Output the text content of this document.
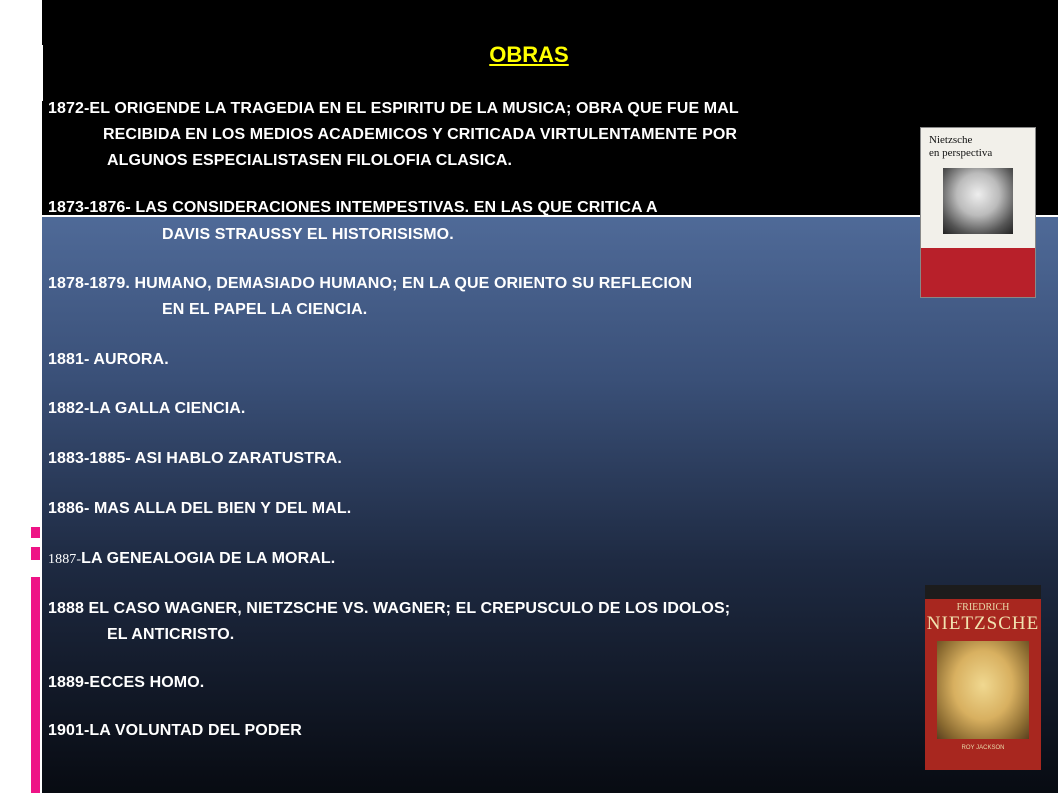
OBRAS
1872-EL ORIGENDE LA TRAGEDIA EN EL ESPIRITU DE LA MUSICA; OBRA QUE FUE MAL
RECIBIDA EN LOS MEDIOS ACADEMICOS Y CRITICADA VIRTULENTAMENTE POR
ALGUNOS ESPECIALISTASEN FILOLOFIA CLASICA.
1873-1876- LAS CONSIDERACIONES INTEMPESTIVAS. EN LAS QUE CRITICA A
DAVIS STRAUSSY EL HISTORISISMO.
1878-1879. HUMANO, DEMASIADO HUMANO; EN LA QUE ORIENTO SU REFLECION
EN EL PAPEL LA CIENCIA.
1881- AURORA.
1882-LA GALLA CIENCIA.
1883-1885- ASI HABLO ZARATUSTRA.
1886- MAS ALLA DEL BIEN Y DEL MAL.
1887-LA GENEALOGIA DE LA MORAL.
1888 EL CASO WAGNER, NIETZSCHE VS. WAGNER; EL CREPUSCULO DE LOS IDOLOS;
EL ANTICRISTO.
1889-ECCES HOMO.
1901-LA VOLUNTAD DEL PODER
Nietzsche
en perspectiva
FRIEDRICH
NIETZSCHE
ROY JACKSON
